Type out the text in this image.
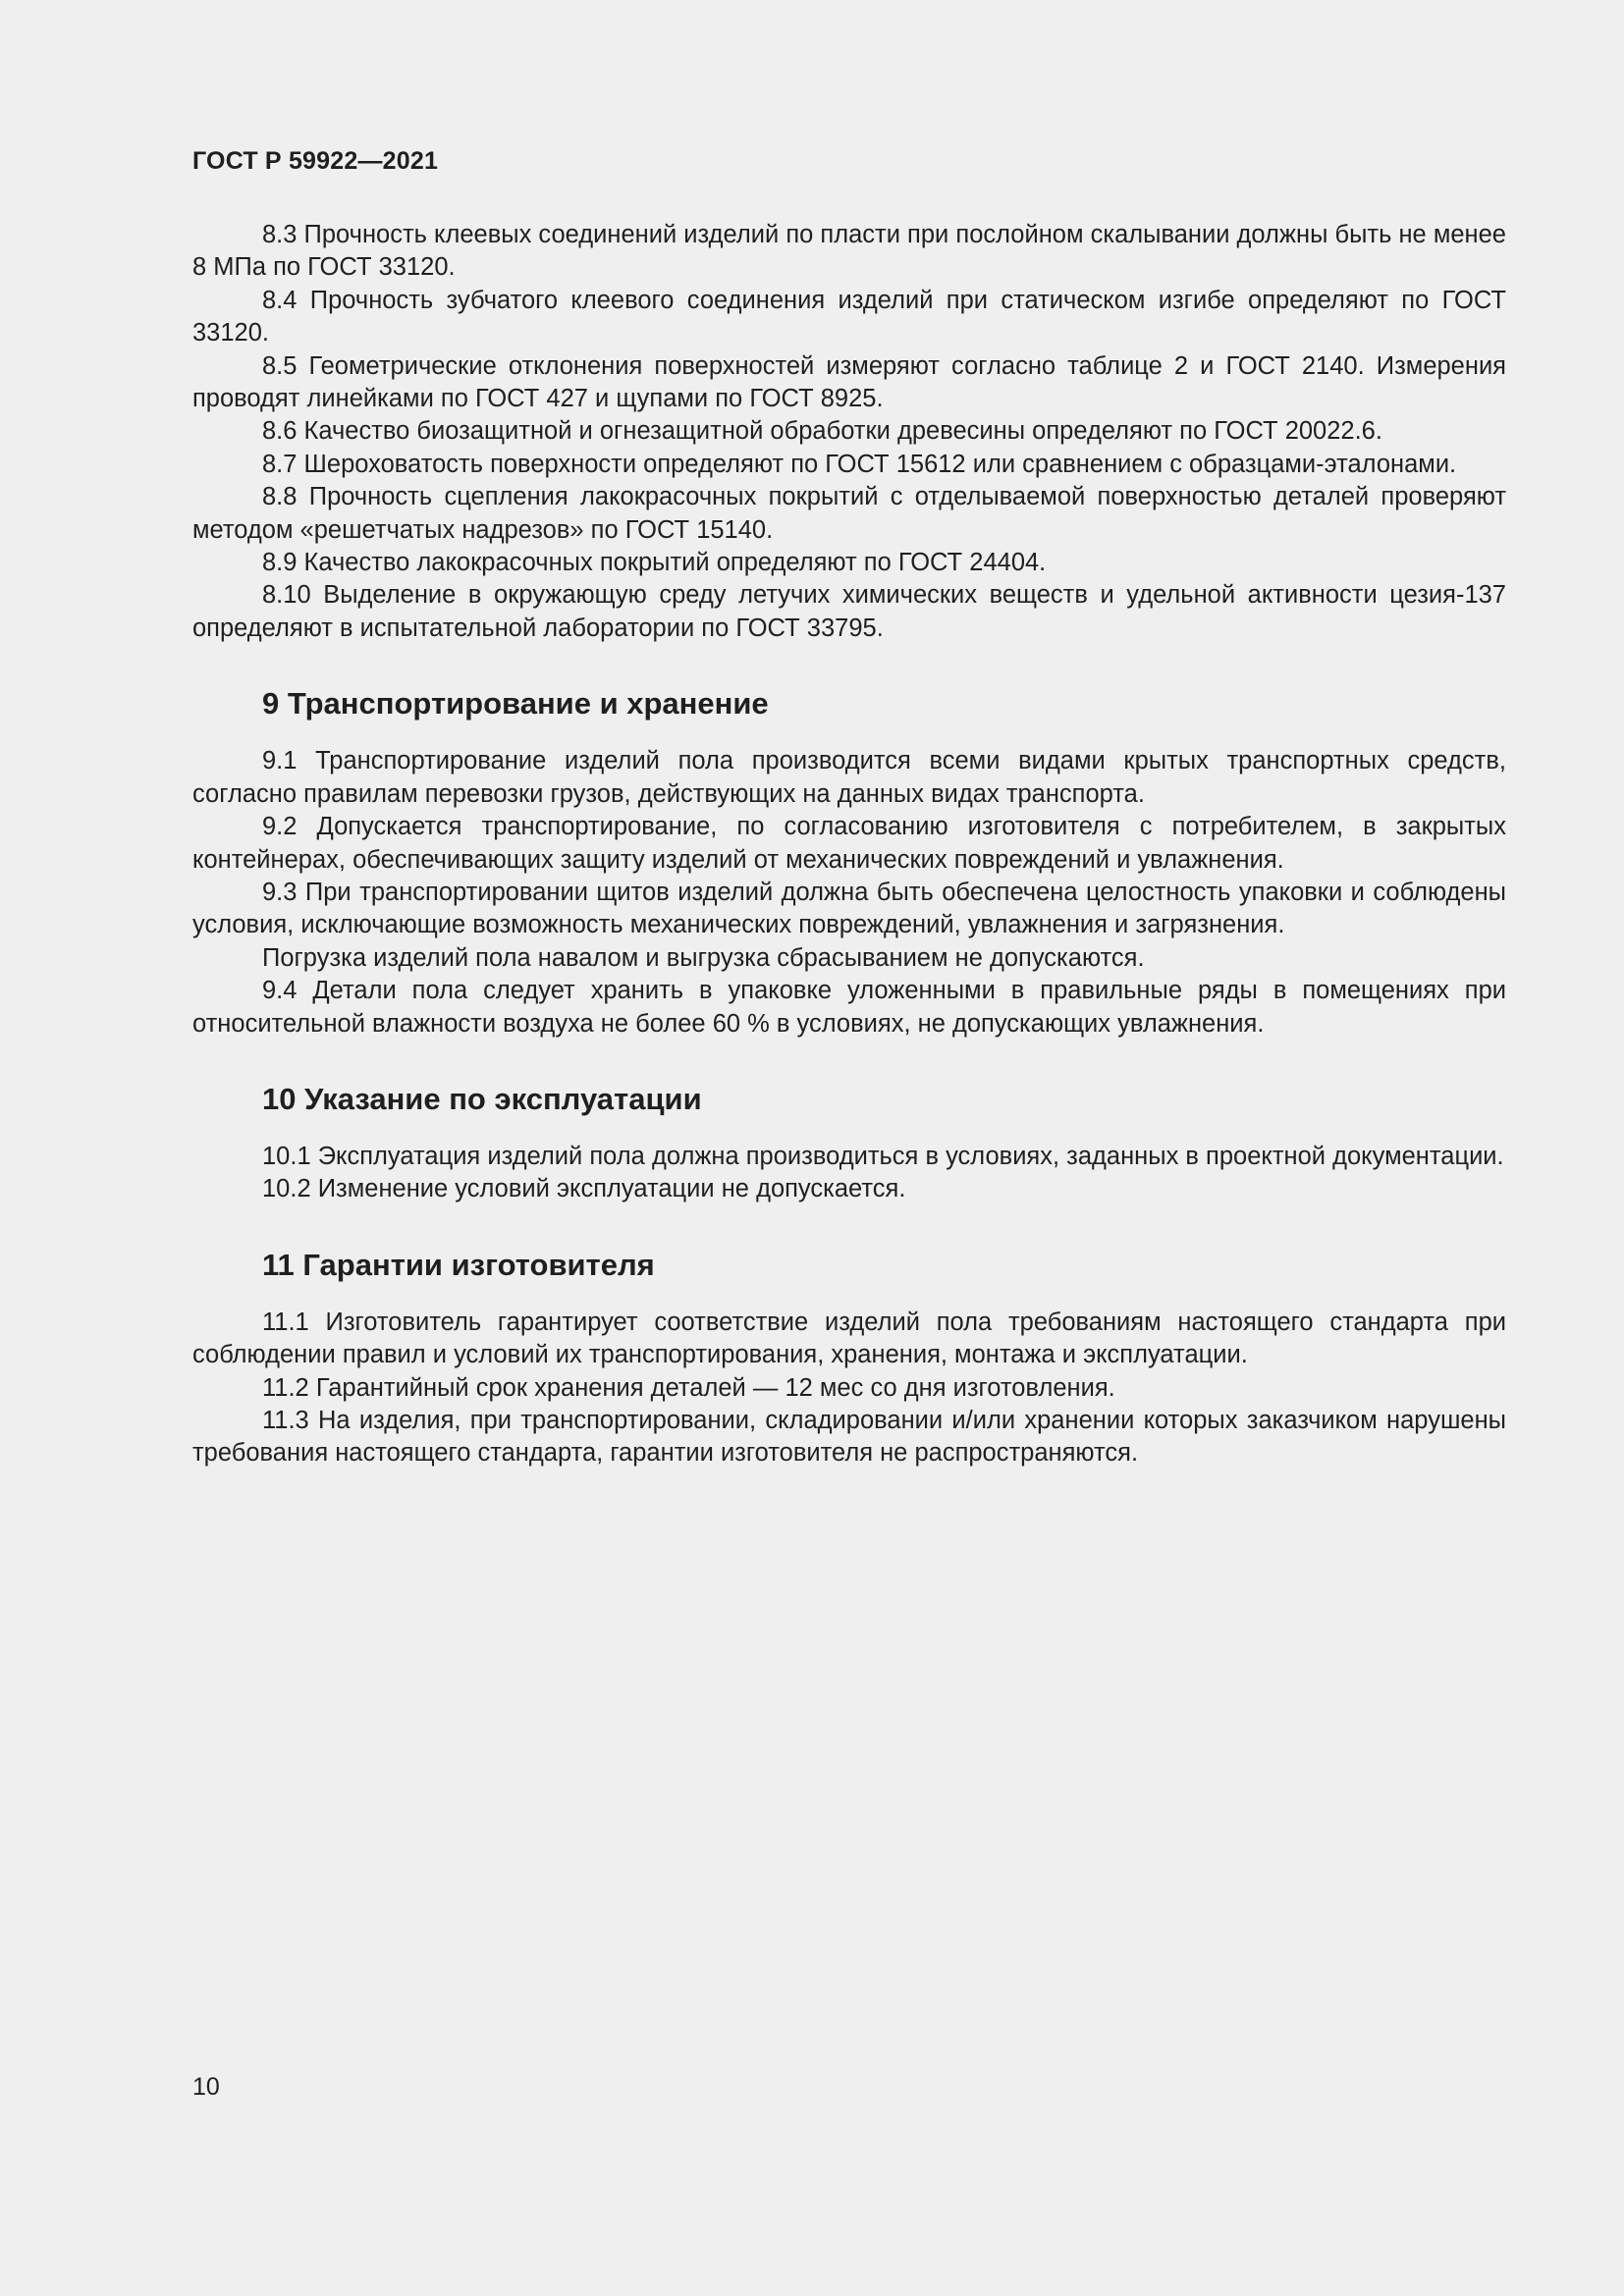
ГОСТ Р 59922—2021

8.3 Прочность клеевых соединений изделий по пласти при послойном скалывании должны быть не менее 8 МПа по ГОСТ 33120.

8.4 Прочность зубчатого клеевого соединения изделий при статическом изгибе определяют по ГОСТ 33120.

8.5 Геометрические отклонения поверхностей измеряют согласно таблице 2 и ГОСТ 2140. Измерения проводят линейками по ГОСТ 427 и щупами по ГОСТ 8925.

8.6 Качество биозащитной и огнезащитной обработки древесины определяют по ГОСТ 20022.6.

8.7 Шероховатость поверхности определяют по ГОСТ 15612 или сравнением с образцами-эталонами.

8.8 Прочность сцепления лакокрасочных покрытий с отделываемой поверхностью деталей проверяют методом «решетчатых надрезов» по ГОСТ 15140.

8.9 Качество лакокрасочных покрытий определяют по ГОСТ 24404.

8.10 Выделение в окружающую среду летучих химических веществ и удельной активности цезия-137 определяют в испытательной лаборатории по ГОСТ 33795.

9 Транспортирование и хранение

9.1 Транспортирование изделий пола производится всеми видами крытых транспортных средств, согласно правилам перевозки грузов, действующих на данных видах транспорта.

9.2 Допускается транспортирование, по согласованию изготовителя с потребителем, в закрытых контейнерах, обеспечивающих защиту изделий от механических повреждений и увлажнения.

9.3 При транспортировании щитов изделий должна быть обеспечена целостность упаковки и соблюдены условия, исключающие возможность механических повреждений, увлажнения и загрязнения.

Погрузка изделий пола навалом и выгрузка сбрасыванием не допускаются.

9.4 Детали пола следует хранить в упаковке уложенными в правильные ряды в помещениях при относительной влажности воздуха не более 60 % в условиях, не допускающих увлажнения.

10 Указание по эксплуатации

10.1 Эксплуатация изделий пола должна производиться в условиях, заданных в проектной документации.

10.2 Изменение условий эксплуатации не допускается.

11 Гарантии изготовителя

11.1 Изготовитель гарантирует соответствие изделий пола требованиям настоящего стандарта при соблюдении правил и условий их транспортирования, хранения, монтажа и эксплуатации.

11.2 Гарантийный срок хранения деталей — 12 мес со дня изготовления.

11.3 На изделия, при транспортировании, складировании и/или хранении которых заказчиком нарушены требования настоящего стандарта, гарантии изготовителя не распространяются.

10
